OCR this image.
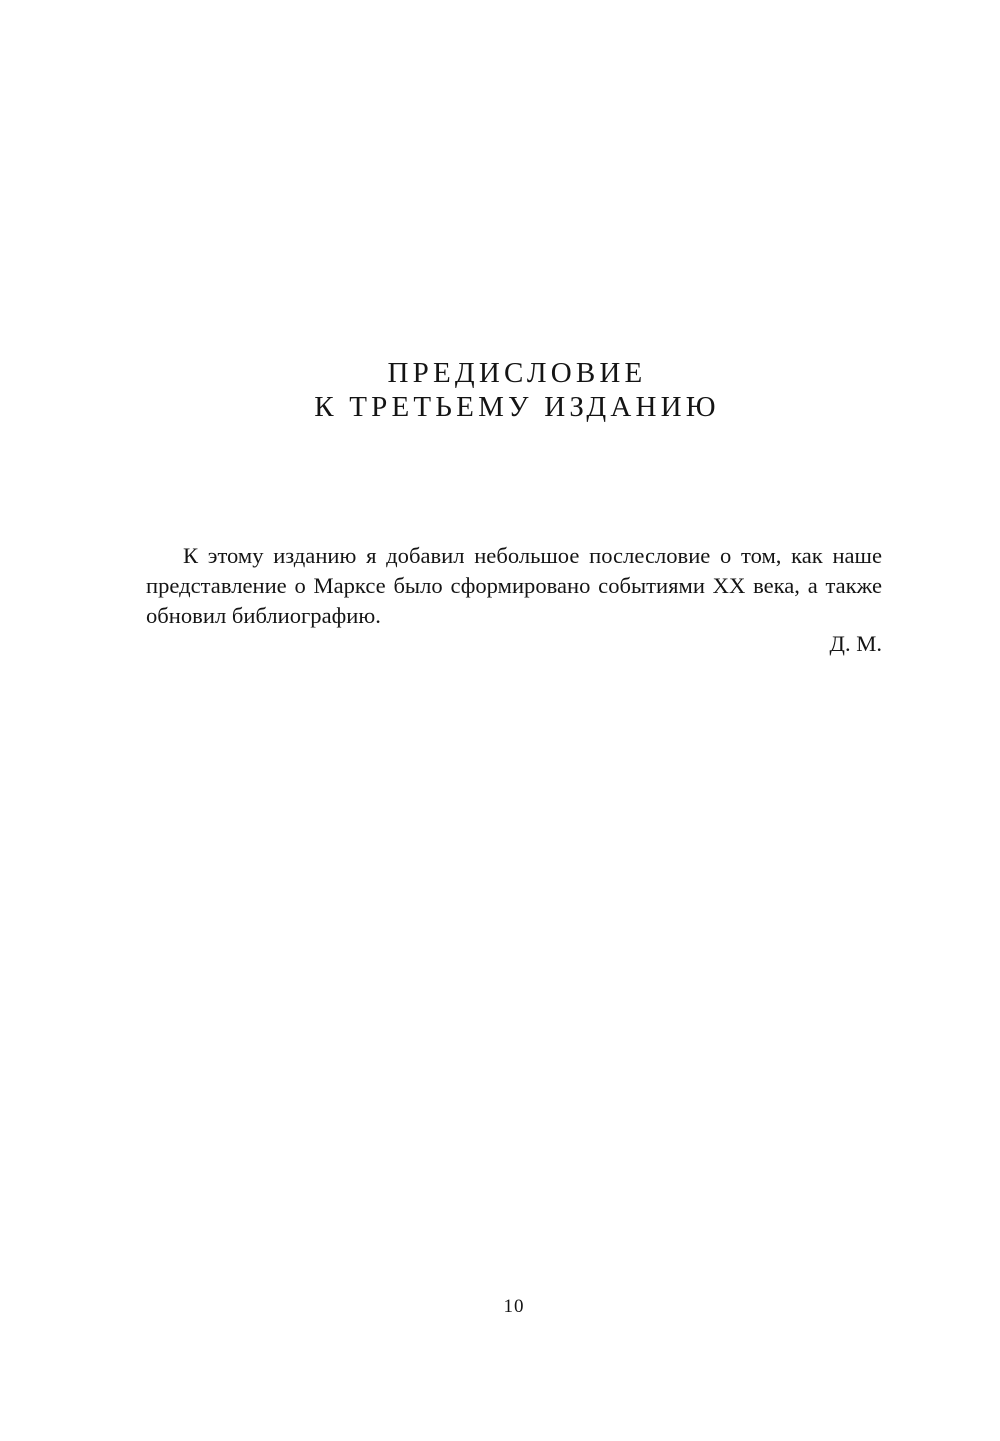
ПРЕДИСЛОВИЕ
К ТРЕТЬЕМУ ИЗДАНИЮ

К этому изданию я добавил небольшое послесловие о том, как наше представление о Марксе было сформировано событиями XX века, а также обновил библиографию.

Д. М.

10
